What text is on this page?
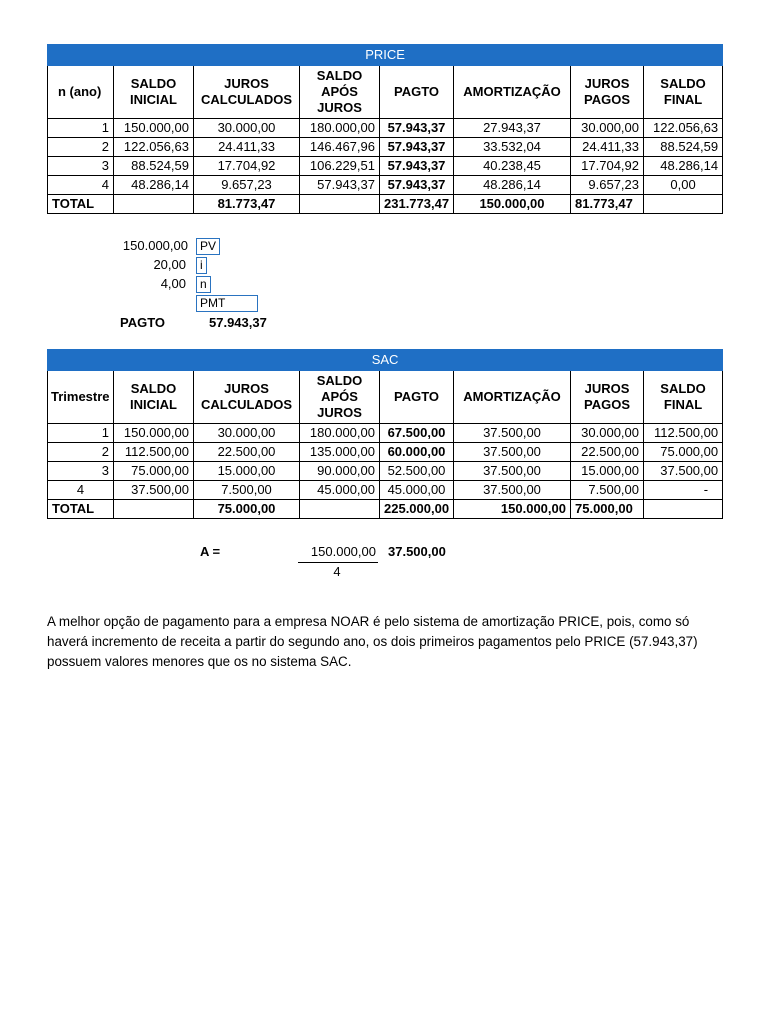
PRICE							
n (ano)	SALDO INICIAL	JUROS CALCULADOS	SALDO APÓS JUROS	PAGTO	AMORTIZAÇÃO	JUROS PAGOS	SALDO FINAL
1	150.000,00	30.000,00	180.000,00	57.943,37	27.943,37	30.000,00	122.056,63
2	122.056,63	24.411,33	146.467,96	57.943,37	33.532,04	24.411,33	88.524,59
3	88.524,59	17.704,92	106.229,51	57.943,37	40.238,45	17.704,92	48.286,14
4	48.286,14	9.657,23	57.943,37	57.943,37	48.286,14	9.657,23	0,00
TOTAL		81.773,47		231.773,47	150.000,00	81.773,47	
150.000,00	PV
20,00	i
4,00	n
PMT
PAGTO	57.943,37
SAC							
Trimestre	SALDO INICIAL	JUROS CALCULADOS	SALDO APÓS JUROS	PAGTO	AMORTIZAÇÃO	JUROS PAGOS	SALDO FINAL
1	150.000,00	30.000,00	180.000,00	67.500,00	37.500,00	30.000,00	112.500,00
2	112.500,00	22.500,00	135.000,00	60.000,00	37.500,00	22.500,00	75.000,00
3	75.000,00	15.000,00	90.000,00	52.500,00	37.500,00	15.000,00	37.500,00
4	37.500,00	7.500,00	45.000,00	45.000,00	37.500,00	7.500,00	-
TOTAL		75.000,00		225.000,00	150.000,00	75.000,00	
A =	150.000,00
4
37.500,00

A melhor opção de pagamento para a empresa NOAR é pelo sistema de amortização PRICE, pois, como só haverá incremento de receita a partir do segundo ano, os dois primeiros pagamentos pelo PRICE (57.943,37) possuem valores menores que os no sistema SAC.
